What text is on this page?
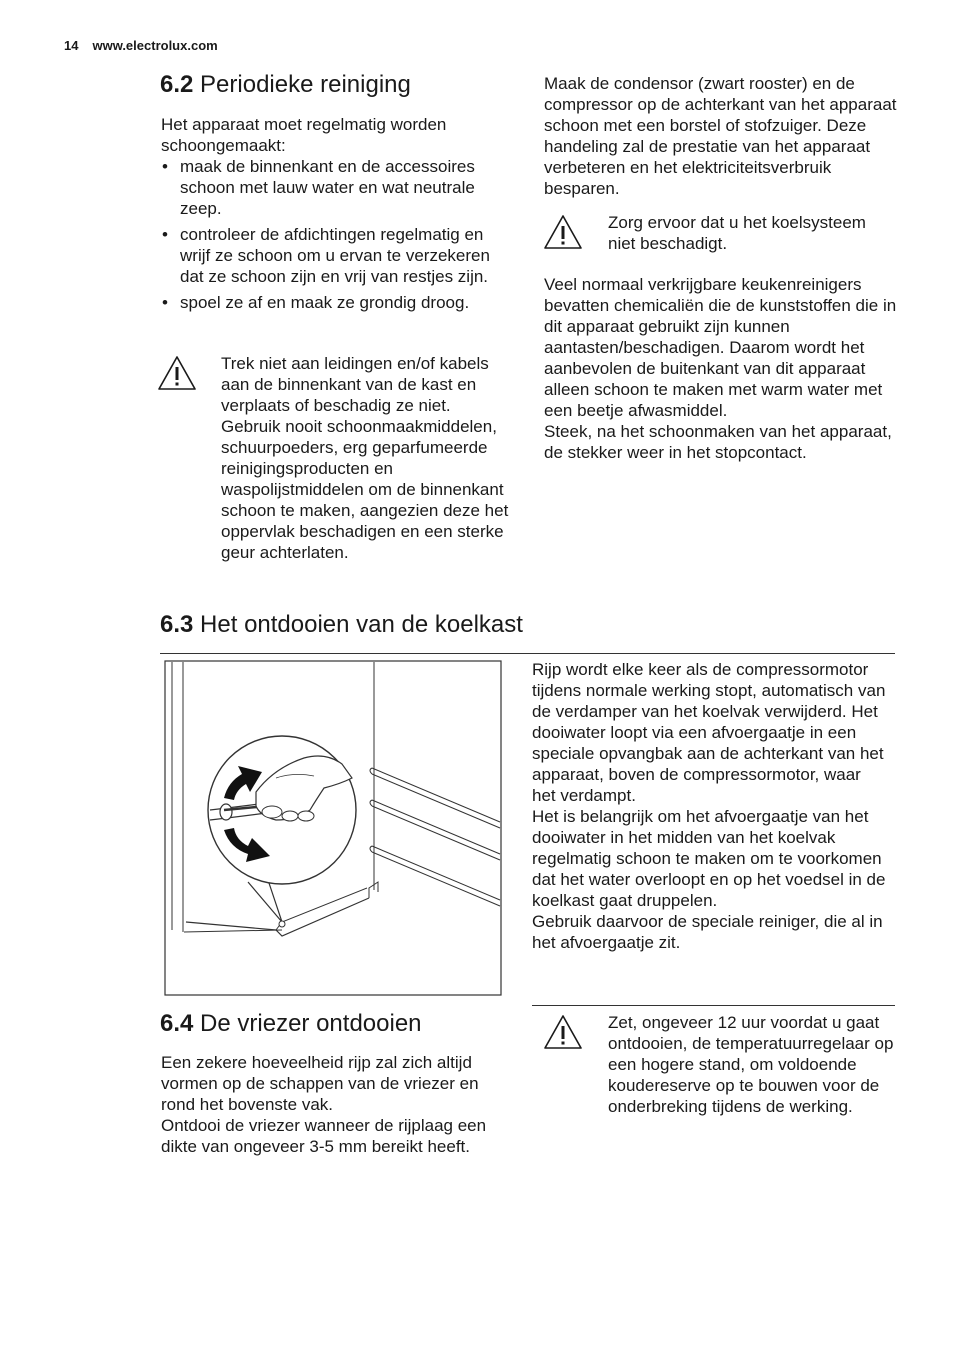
14 www.electrolux.com
6.2 Periodieke reiniging

Het apparaat moet regelmatig worden schoongemaakt:

• maak de binnenkant en de accessoires schoon met lauw water en wat neutrale zeep.
• controleer de afdichtingen regelmatig en wrijf ze schoon om u ervan te verzekeren dat ze schoon zijn en vrij van restjes zijn.
• spoel ze af en maak ze grondig droog.

Trek niet aan leidingen en/of kabels aan de binnenkant van de kast en verplaats of beschadig ze niet.

Gebruik nooit schoonmaakmiddelen, schuurpoeders, erg geparfumeerde reinigingsproducten en waspolijstmiddelen om de binnenkant schoon te maken, aangezien deze het oppervlak beschadigen en een sterke geur achterlaten.

Maak de condensor (zwart rooster) en de compressor op de achterkant van het apparaat schoon met een borstel of stofzuiger. Deze handeling zal de prestatie van het apparaat verbeteren en het elektriciteitsverbruik besparen.

Zorg ervoor dat u het koelsysteem niet beschadigt.

Veel normaal verkrijgbare keukenreinigers bevatten chemicaliën die de kunststoffen die in dit apparaat gebruikt zijn kunnen aantasten/beschadigen. Daarom wordt het aanbevolen de buitenkant van dit apparaat alleen schoon te maken met warm water met een beetje afwasmiddel.

Steek, na het schoonmaken van het apparaat, de stekker weer in het stopcontact.

6.3 Het ontdooien van de koelkast

Rijp wordt elke keer als de compressormotor tijdens normale werking stopt, automatisch van de verdamper van het koelvak verwijderd. Het dooiwater loopt via een afvoergaatje in een speciale opvangbak aan de achterkant van het apparaat, boven de compressormotor, waar het verdampt.

Het is belangrijk om het afvoergaatje van het dooiwater in het midden van het koelvak regelmatig schoon te maken om te voorkomen dat het water overloopt en op het voedsel in de koelkast gaat druppelen.

Gebruik daarvoor de speciale reiniger, die al in het afvoergaatje zit.

6.4 De vriezer ontdooien

Een zekere hoeveelheid rijp zal zich altijd vormen op de schappen van de vriezer en rond het bovenste vak.

Ontdooi de vriezer wanneer de rijplaag een dikte van ongeveer 3-5 mm bereikt heeft.

Zet, ongeveer 12 uur voordat u gaat ontdooien, de temperatuurregelaar op een hogere stand, om voldoende koudereserve op te bouwen voor de onderbreking tijdens de werking.
